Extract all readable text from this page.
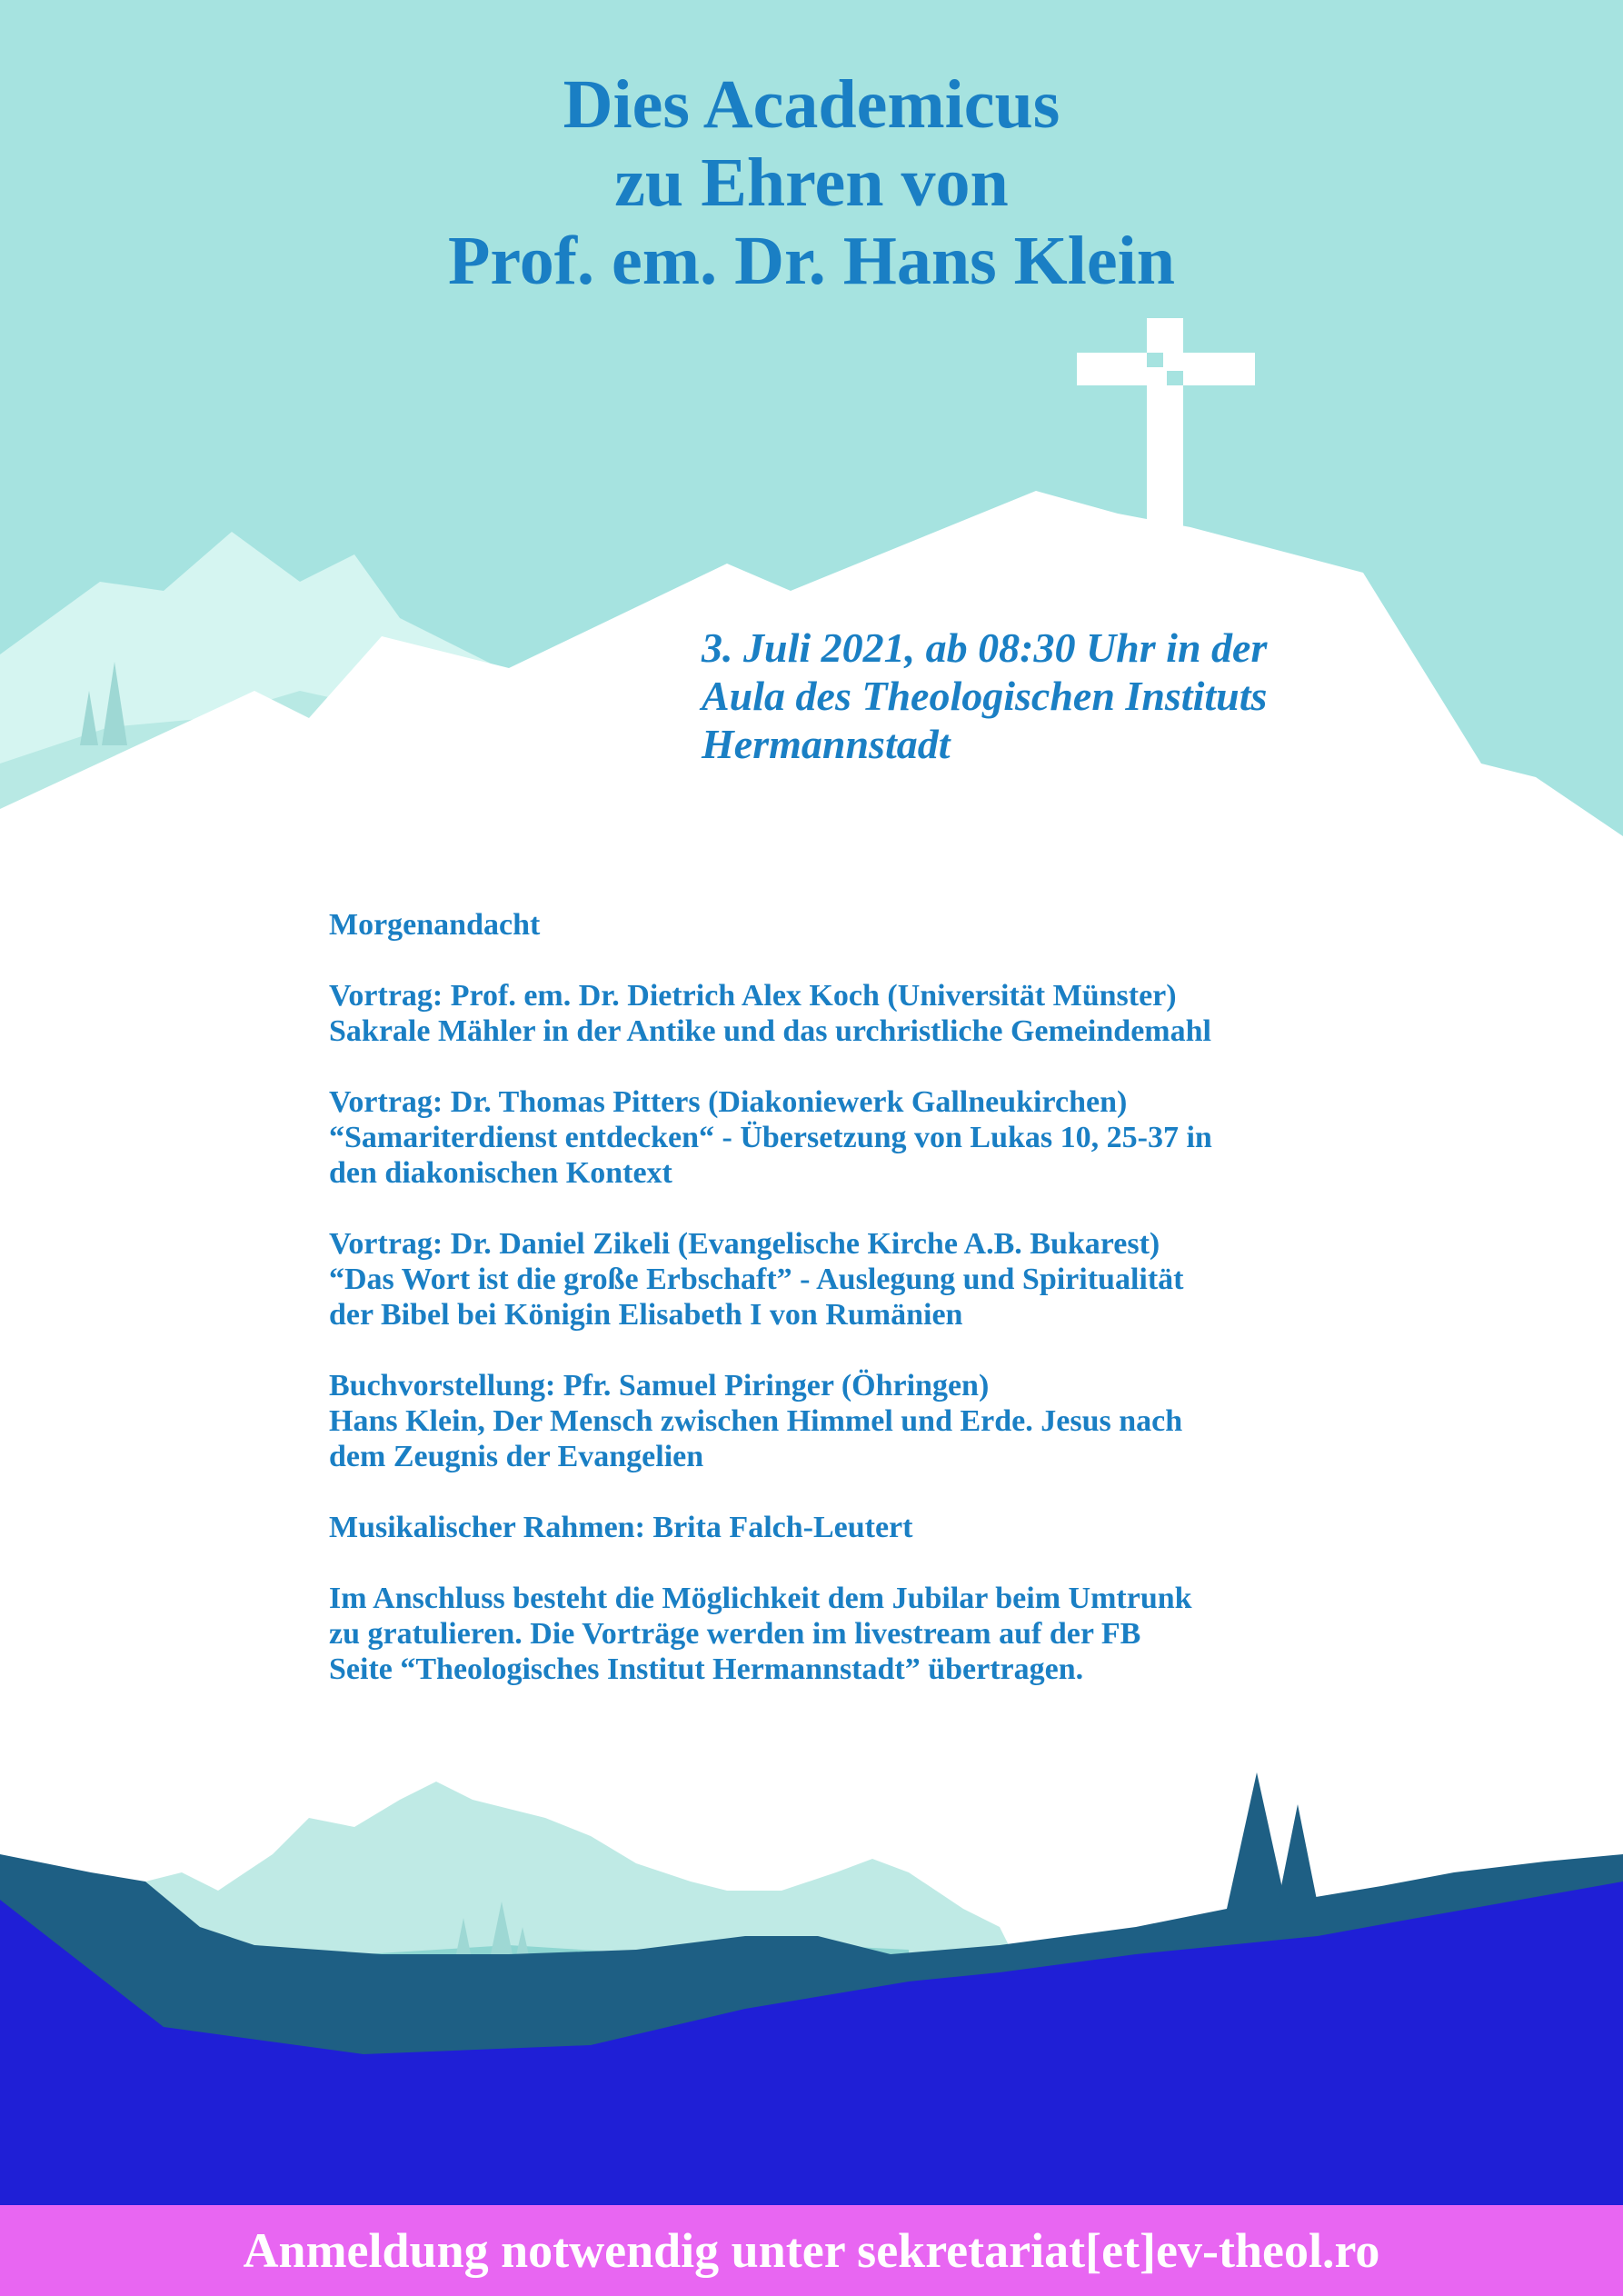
Dies Academicus
zu Ehren von
Prof. em. Dr. Hans Klein
3. Juli 2021, ab 08:30 Uhr in der
Aula des Theologischen Instituts
Hermannstadt
Morgenandacht
Vortrag: Prof. em. Dr. Dietrich Alex Koch (Universität Münster)
Sakrale Mähler in der Antike und das urchristliche Gemeindemahl
Vortrag: Dr. Thomas Pitters (Diakoniewerk Gallneukirchen)
“Samariterdienst entdecken“ - Übersetzung von Lukas 10, 25-37 in
den diakonischen Kontext
Vortrag: Dr. Daniel Zikeli (Evangelische Kirche A.B. Bukarest)
“Das Wort ist die große Erbschaft” - Auslegung und Spiritualität
der Bibel bei Königin Elisabeth I von Rumänien
Buchvorstellung: Pfr. Samuel Piringer (Öhringen)
Hans Klein, Der Mensch zwischen Himmel und Erde. Jesus nach
dem Zeugnis der Evangelien
Musikalischer Rahmen: Brita Falch-Leutert
Im Anschluss besteht die Möglichkeit dem Jubilar beim Umtrunk
zu gratulieren. Die Vorträge werden im livestream auf der FB
Seite “Theologisches Institut Hermannstadt” übertragen.
Anmeldung notwendig unter sekretariat[et]ev-theol.ro
